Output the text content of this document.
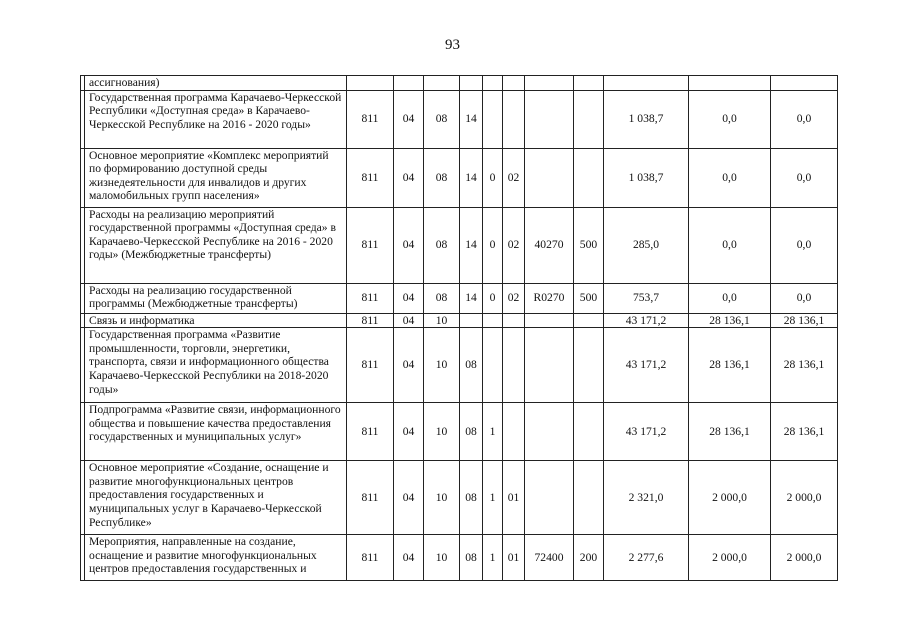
93
	ассигнования)											
	Государственная программа Карачаево-Черкесской Республики «Доступная среда» в Карачаево-Черкесской Республике на 2016 - 2020 годы»	811	04	08	14					1 038,7	0,0	0,0
	Основное мероприятие «Комплекс мероприятий по формированию доступной среды жизнедеятельности для инвалидов и других маломобильных групп населения»	811	04	08	14	0	02			1 038,7	0,0	0,0
	Расходы на реализацию мероприятий государственной программы «Доступная среда» в Карачаево-Черкесской Республике на 2016 - 2020 годы» (Межбюджетные трансферты)	811	04	08	14	0	02	40270	500	285,0	0,0	0,0
	Расходы на реализацию государственной программы (Межбюджетные трансферты)	811	04	08	14	0	02	R0270	500	753,7	0,0	0,0
	Связь и информатика	811	04	10						43 171,2	28 136,1	28 136,1
	Государственная программа «Развитие промышленности, торговли, энергетики, транспорта, связи и информационного общества Карачаево-Черкесской Республики на 2018-2020 годы»	811	04	10	08					43 171,2	28 136,1	28 136,1
	Подпрограмма «Развитие связи, информационного общества и повышение качества предоставления государственных и муниципальных услуг»	811	04	10	08	1				43 171,2	28 136,1	28 136,1
	Основное мероприятие «Создание, оснащение и развитие многофункциональных центров предоставления государственных и муниципальных услуг в Карачаево-Черкесской Республике»	811	04	10	08	1	01			2 321,0	2 000,0	2 000,0
	Мероприятия, направленные на создание, оснащение и развитие многофункциональных центров предоставления государственных и	811	04	10	08	1	01	72400	200	2 277,6	2 000,0	2 000,0
